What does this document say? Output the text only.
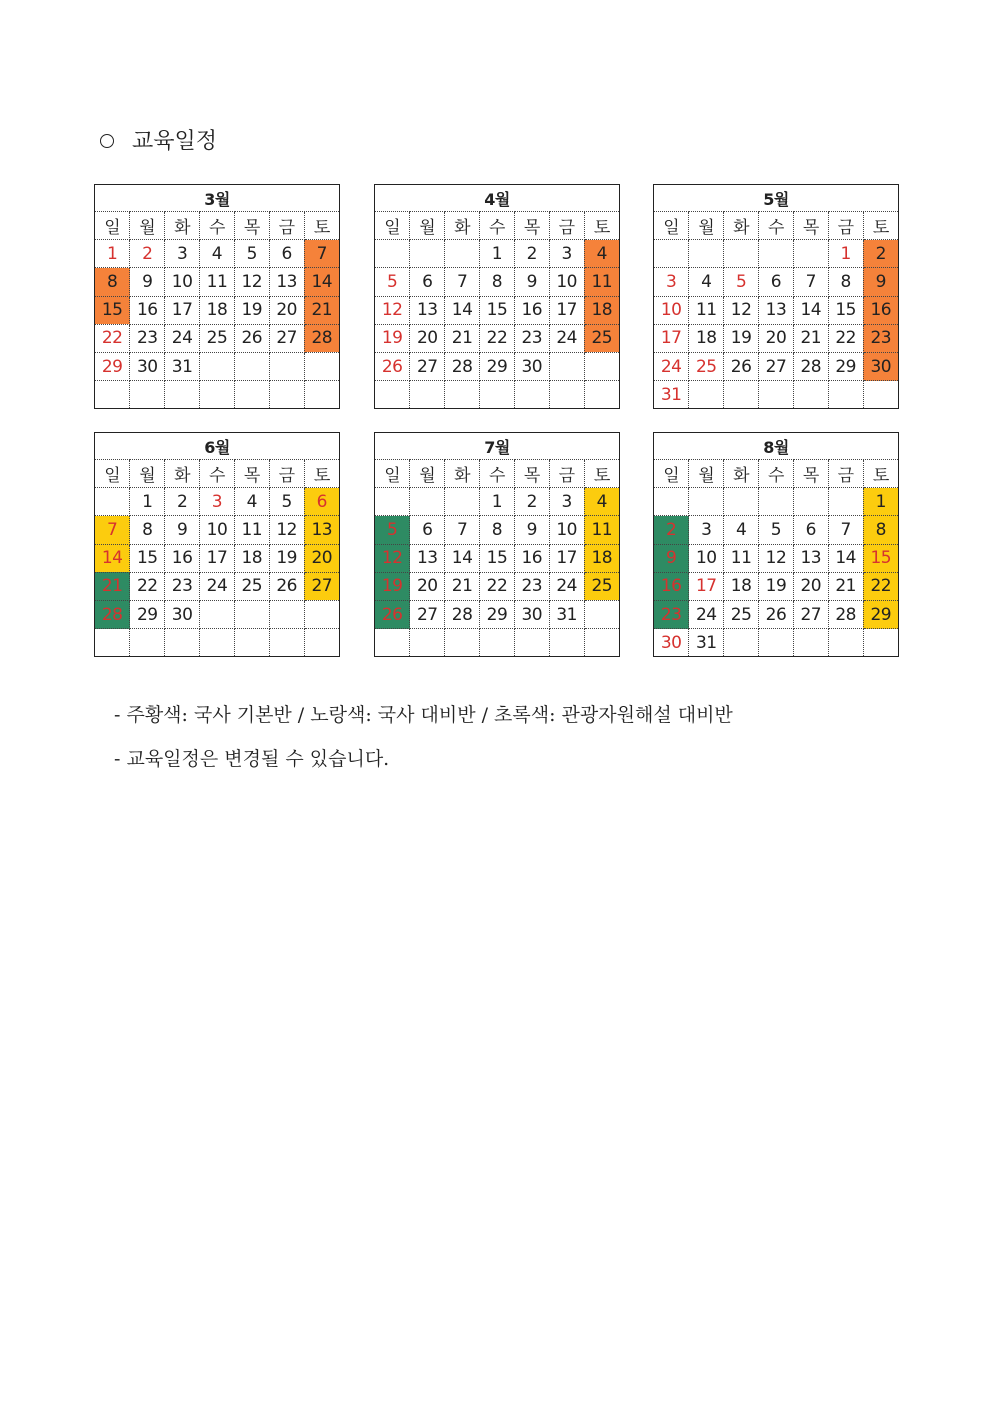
교육일정
3월						
일	월	화	수	목	금	토
1	2	3	4	5	6	7
8	9	10	11	12	13	14
15	16	17	18	19	20	21
22	23	24	25	26	27	28
29	30	31				

4월						
일	월	화	수	목	금	토
			1	2	3	4
5	6	7	8	9	10	11
12	13	14	15	16	17	18
19	20	21	22	23	24	25
26	27	28	29	30		

5월						
일	월	화	수	목	금	토
					1	2
3	4	5	6	7	8	9
10	11	12	13	14	15	16
17	18	19	20	21	22	23
24	25	26	27	28	29	30
31						
6월						
일	월	화	수	목	금	토
	1	2	3	4	5	6
7	8	9	10	11	12	13
14	15	16	17	18	19	20
21	22	23	24	25	26	27
28	29	30				

7월						
일	월	화	수	목	금	토
			1	2	3	4
5	6	7	8	9	10	11
12	13	14	15	16	17	18
19	20	21	22	23	24	25
26	27	28	29	30	31	

8월						
일	월	화	수	목	금	토
						1
2	3	4	5	6	7	8
9	10	11	12	13	14	15
16	17	18	19	20	21	22
23	24	25	26	27	28	29
30	31					
- 주황색: 국사 기본반 / 노랑색: 국사 대비반 / 초록색: 관광자원해설 대비반
- 교육일정은 변경될 수 있습니다.
